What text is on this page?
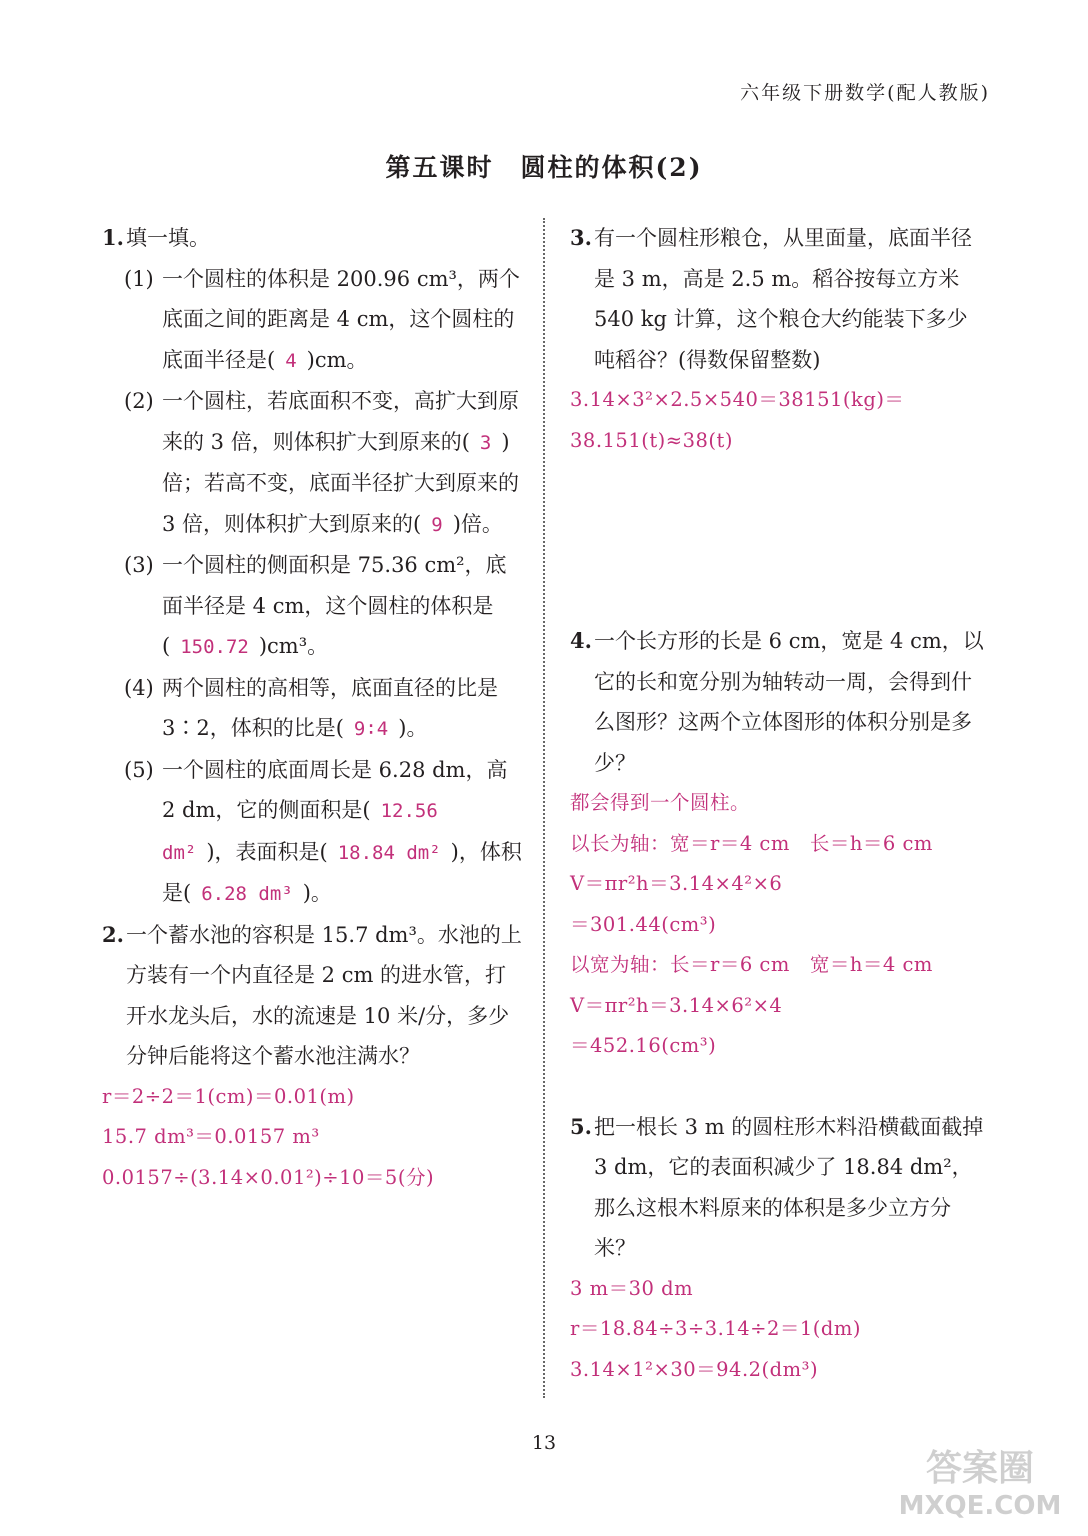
六年级下册数学(配人教版)
第五课时　圆柱的体积(2)
1. 填一填。
(1) 一个圆柱的体积是 200.96 cm³，两个底面之间的距离是 4 cm，这个圆柱的底面半径是( 4 )cm。
(2) 一个圆柱，若底面积不变，高扩大到原来的 3 倍，则体积扩大到原来的( 3 )倍；若高不变，底面半径扩大到原来的 3 倍，则体积扩大到原来的( 9 )倍。
(3) 一个圆柱的侧面积是 75.36 cm²，底面半径是 4 cm，这个圆柱的体积是( 150.72 )cm³。
(4) 两个圆柱的高相等，底面直径的比是 3∶2，体积的比是( 9∶4 )。
(5) 一个圆柱的底面周长是 6.28 dm，高 2 dm，它的侧面积是( 12.56 dm² )，表面积是( 18.84 dm² )，体积是( 6.28 dm³ )。
2. 一个蓄水池的容积是 15.7 dm³。水池的上方装有一个内直径是 2 cm 的进水管，打开水龙头后，水的流速是 10 米/分，多少分钟后能将这个蓄水池注满水？
r＝2÷2＝1(cm)＝0.01(m)
15.7 dm³＝0.0157 m³
0.0157÷(3.14×0.01²)÷10＝5(分)
3. 有一个圆柱形粮仓，从里面量，底面半径是 3 m，高是 2.5 m。稻谷按每立方米 540 kg 计算，这个粮仓大约能装下多少吨稻谷？(得数保留整数)
3.14×3²×2.5×540＝38151(kg)＝
38.151(t)≈38(t)
4. 一个长方形的长是 6 cm，宽是 4 cm，以它的长和宽分别为轴转动一周，会得到什么图形？这两个立体图形的体积分别是多少？
都会得到一个圆柱。
以长为轴：宽＝r＝4 cm　长＝h＝6 cm
V＝πr²h＝3.14×4²×6
＝301.44(cm³)
以宽为轴：长＝r＝6 cm　宽＝h＝4 cm
V＝πr²h＝3.14×6²×4
＝452.16(cm³)
5. 把一根长 3 m 的圆柱形木料沿横截面截掉 3 dm，它的表面积减少了 18.84 dm²，那么这根木料原来的体积是多少立方分米？
3 m＝30 dm
r＝18.84÷3÷3.14÷2＝1(dm)
3.14×1²×30＝94.2(dm³)
13
答案圈
MXQE.COM
